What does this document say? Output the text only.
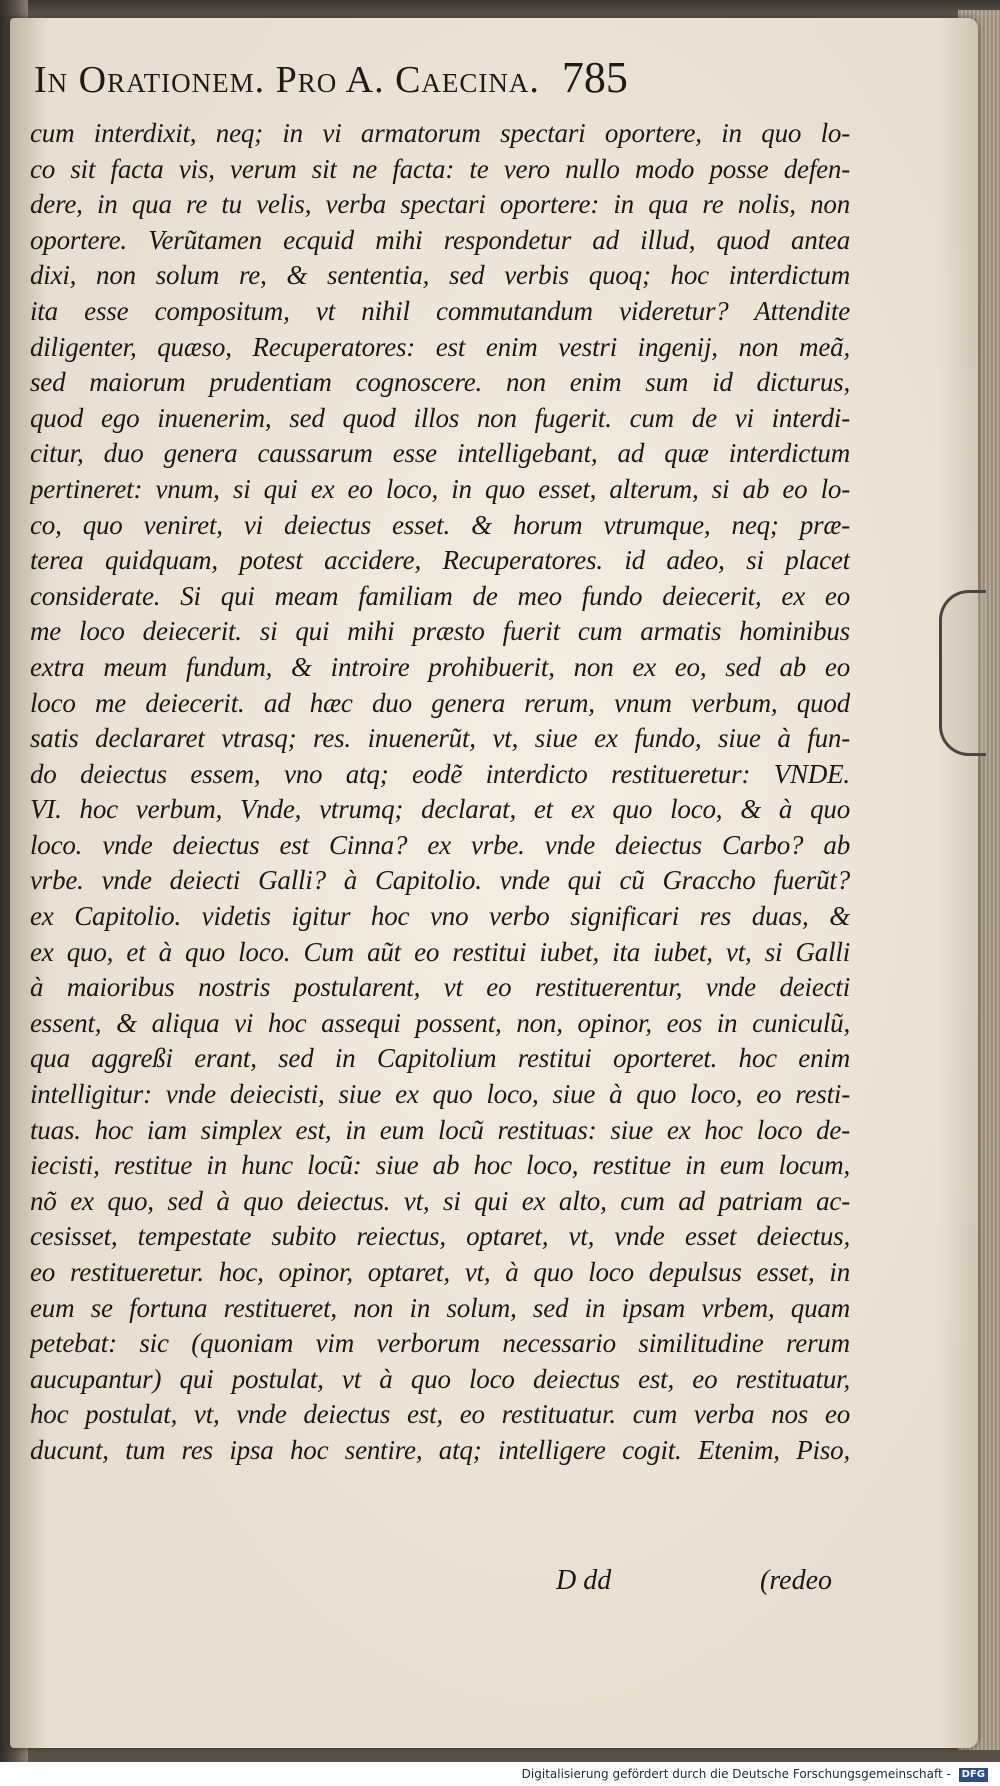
In Orationem. Pro A. Caecina. 785
cum interdixit, neq; in vi armatorum spectari oportere, in quo lo-
co sit facta vis, verum sit ne facta: te vero nullo modo posse defen-
dere, in qua re tu velis, verba spectari oportere: in qua re nolis, non
oportere. Verũtamen ecquid mihi respondetur ad illud, quod antea
dixi, non solum re, & sententia, sed verbis quoq; hoc interdictum
ita esse compositum, vt nihil commutandum videretur? Attendite
diligenter, quæso, Recuperatores: est enim vestri ingenij, non meã,
sed maiorum prudentiam cognoscere. non enim sum id dicturus,
quod ego inuenerim, sed quod illos non fugerit. cum de vi interdi-
citur, duo genera caussarum esse intelligebant, ad quæ interdictum
pertineret: vnum, si qui ex eo loco, in quo esset, alterum, si ab eo lo-
co, quo veniret, vi deiectus esset. & horum vtrumque, neq; præ-
terea quidquam, potest accidere, Recuperatores. id adeo, si placet
considerate. Si qui meam familiam de meo fundo deiecerit, ex eo
me loco deiecerit. si qui mihi præsto fuerit cum armatis hominibus
extra meum fundum, & introire prohibuerit, non ex eo, sed ab eo
loco me deiecerit. ad hæc duo genera rerum, vnum verbum, quod
satis declararet vtrasq; res. inuenerũt, vt, siue ex fundo, siue à fun-
do deiectus essem, vno atq; eodẽ interdicto restitueretur: VNDE.
VI. hoc verbum, Vnde, vtrumq; declarat, et ex quo loco, & à quo
loco. vnde deiectus est Cinna? ex vrbe. vnde deiectus Carbo? ab
vrbe. vnde deiecti Galli? à Capitolio. vnde qui cũ Graccho fuerũt?
ex Capitolio. videtis igitur hoc vno verbo significari res duas, &
ex quo, et à quo loco. Cum aũt eo restitui iubet, ita iubet, vt, si Galli
à maioribus nostris postularent, vt eo restituerentur, vnde deiecti
essent, & aliqua vi hoc assequi possent, non, opinor, eos in cuniculũ,
qua aggreßi erant, sed in Capitolium restitui oporteret. hoc enim
intelligitur: vnde deiecisti, siue ex quo loco, siue à quo loco, eo resti-
tuas. hoc iam simplex est, in eum locũ restituas: siue ex hoc loco de-
iecisti, restitue in hunc locũ: siue ab hoc loco, restitue in eum locum,
nõ ex quo, sed à quo deiectus. vt, si qui ex alto, cum ad patriam ac-
cesisset, tempestate subito reiectus, optaret, vt, vnde esset deiectus,
eo restitueretur. hoc, opinor, optaret, vt, à quo loco depulsus esset, in
eum se fortuna restitueret, non in solum, sed in ipsam vrbem, quam
petebat: sic (quoniam vim verborum necessario similitudine rerum
aucupantur) qui postulat, vt à quo loco deiectus est, eo restituatur,
hoc postulat, vt, vnde deiectus est, eo restituatur. cum verba nos eo
ducunt, tum res ipsa hoc sentire, atq; intelligere cogit. Etenim, Piso,
D dd	(redeo
Digitalisierung gefördert durch die Deutsche Forschungsgemeinschaft - DFG
